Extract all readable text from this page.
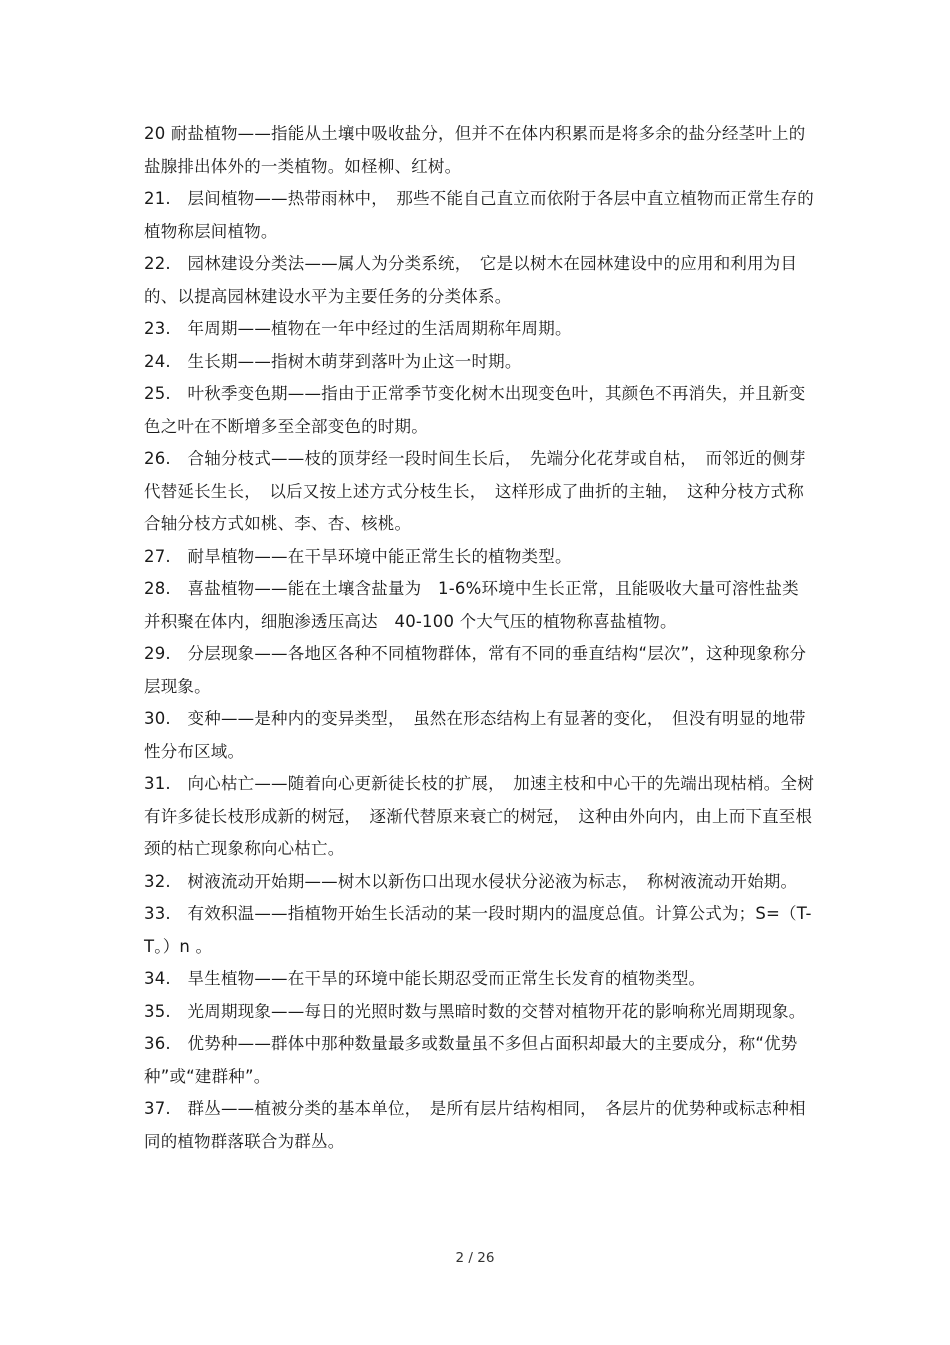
20 耐盐植物——指能从土壤中吸收盐分，但并不在体内积累而是将多余的盐分经茎叶上的盐腺排出体外的一类植物。如柽柳、红树。

21.　层间植物——热带雨林中，　那些不能自己直立而依附于各层中直立植物而正常生存的植物称层间植物。

22.　园林建设分类法——属人为分类系统，　它是以树木在园林建设中的应用和利用为目的、以提高园林建设水平为主要任务的分类体系。

23.　年周期——植物在一年中经过的生活周期称年周期。

24.　生长期——指树木萌芽到落叶为止这一时期。

25.　叶秋季变色期——指由于正常季节变化树木出现变色叶，其颜色不再消失，并且新变色之叶在不断增多至全部变色的时期。

26.　合轴分枝式——枝的顶芽经一段时间生长后，　先端分化花芽或自枯，　而邻近的侧芽代替延长生长，　以后又按上述方式分枝生长，　这样形成了曲折的主轴，　这种分枝方式称合轴分枝方式如桃、李、杏、核桃。

27.　耐旱植物——在干旱环境中能正常生长的植物类型。

28.　喜盐植物——能在土壤含盐量为　1-6%环境中生长正常，且能吸收大量可溶性盐类并积聚在体内，细胞渗透压高达　40-100 个大气压的植物称喜盐植物。

29.　分层现象——各地区各种不同植物群体，常有不同的垂直结构“层次”，这种现象称分层现象。

30.　变种——是种内的变异类型，　虽然在形态结构上有显著的变化，　但没有明显的地带性分布区域。

31.　向心枯亡——随着向心更新徒长枝的扩展，　加速主枝和中心干的先端出现枯梢。全树有许多徒长枝形成新的树冠，　逐渐代替原来衰亡的树冠，　这种由外向内，由上而下直至根颈的枯亡现象称向心枯亡。

32.　树液流动开始期——树木以新伤口出现水侵状分泌液为标志，　称树液流动开始期。

33.　有效积温——指植物开始生长活动的某一段时期内的温度总值。计算公式为；S=（T-T。）n 。

34.　旱生植物——在干旱的环境中能长期忍受而正常生长发育的植物类型。

35.　光周期现象——每日的光照时数与黑暗时数的交替对植物开花的影响称光周期现象。

36.　优势种——群体中那种数量最多或数量虽不多但占面积却最大的主要成分，称“优势种”或“建群种”。

37.　群丛——植被分类的基本单位，　是所有层片结构相同，　各层片的优势种或标志种相同的植物群落联合为群丛。

2 / 26
